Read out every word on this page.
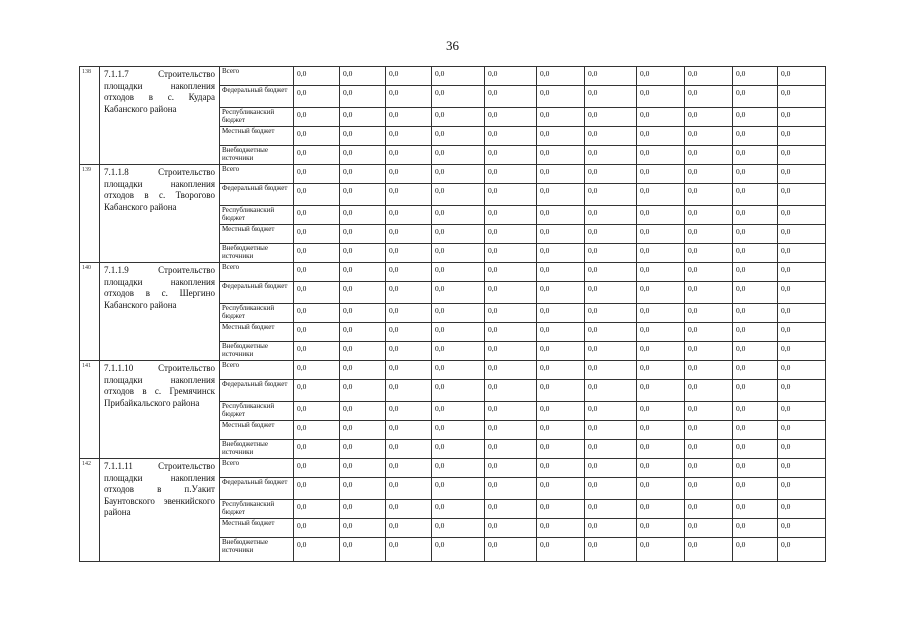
36
138	7.1.1.7 Строительство площадки накопления отходов в с. Кудара Кабанского района	Всего	0,0	0,0	0,0	0,0	0,0	0,0	0,0	0,0	0,0	0,0	0,0
		Федеральный бюджет	0,0	0,0	0,0	0,0	0,0	0,0	0,0	0,0	0,0	0,0	0,0
		Республиканский бюджет	0,0	0,0	0,0	0,0	0,0	0,0	0,0	0,0	0,0	0,0	0,0
		Местный бюджет	0,0	0,0	0,0	0,0	0,0	0,0	0,0	0,0	0,0	0,0	0,0
		Внебюджетные источники	0,0	0,0	0,0	0,0	0,0	0,0	0,0	0,0	0,0	0,0	0,0
139	7.1.1.8 Строительство площадки накопления отходов в с. Творогово Кабанского района	Всего	0,0	0,0	0,0	0,0	0,0	0,0	0,0	0,0	0,0	0,0	0,0
		Федеральный бюджет	0,0	0,0	0,0	0,0	0,0	0,0	0,0	0,0	0,0	0,0	0,0
		Республиканский бюджет	0,0	0,0	0,0	0,0	0,0	0,0	0,0	0,0	0,0	0,0	0,0
		Местный бюджет	0,0	0,0	0,0	0,0	0,0	0,0	0,0	0,0	0,0	0,0	0,0
		Внебюджетные источники	0,0	0,0	0,0	0,0	0,0	0,0	0,0	0,0	0,0	0,0	0,0
140	7.1.1.9 Строительство площадки накопления отходов в с. Шергино Кабанского района	Всего	0,0	0,0	0,0	0,0	0,0	0,0	0,0	0,0	0,0	0,0	0,0
		Федеральный бюджет	0,0	0,0	0,0	0,0	0,0	0,0	0,0	0,0	0,0	0,0	0,0
		Республиканский бюджет	0,0	0,0	0,0	0,0	0,0	0,0	0,0	0,0	0,0	0,0	0,0
		Местный бюджет	0,0	0,0	0,0	0,0	0,0	0,0	0,0	0,0	0,0	0,0	0,0
		Внебюджетные источники	0,0	0,0	0,0	0,0	0,0	0,0	0,0	0,0	0,0	0,0	0,0
141	7.1.1.10 Строительство площадки накопления отходов в с. Гремячинск Прибайкальского района	Всего	0,0	0,0	0,0	0,0	0,0	0,0	0,0	0,0	0,0	0,0	0,0
		Федеральный бюджет	0,0	0,0	0,0	0,0	0,0	0,0	0,0	0,0	0,0	0,0	0,0
		Республиканский бюджет	0,0	0,0	0,0	0,0	0,0	0,0	0,0	0,0	0,0	0,0	0,0
		Местный бюджет	0,0	0,0	0,0	0,0	0,0	0,0	0,0	0,0	0,0	0,0	0,0
		Внебюджетные источники	0,0	0,0	0,0	0,0	0,0	0,0	0,0	0,0	0,0	0,0	0,0
142	7.1.1.11 Строительство площадки накопления отходов в п.Уакит Баунтовского эвенкийского района	Всего	0,0	0,0	0,0	0,0	0,0	0,0	0,0	0,0	0,0	0,0	0,0
		Федеральный бюджет	0,0	0,0	0,0	0,0	0,0	0,0	0,0	0,0	0,0	0,0	0,0
		Республиканский бюджет	0,0	0,0	0,0	0,0	0,0	0,0	0,0	0,0	0,0	0,0	0,0
		Местный бюджет	0,0	0,0	0,0	0,0	0,0	0,0	0,0	0,0	0,0	0,0	0,0
		Внебюджетные источники	0,0	0,0	0,0	0,0	0,0	0,0	0,0	0,0	0,0	0,0	0,0
